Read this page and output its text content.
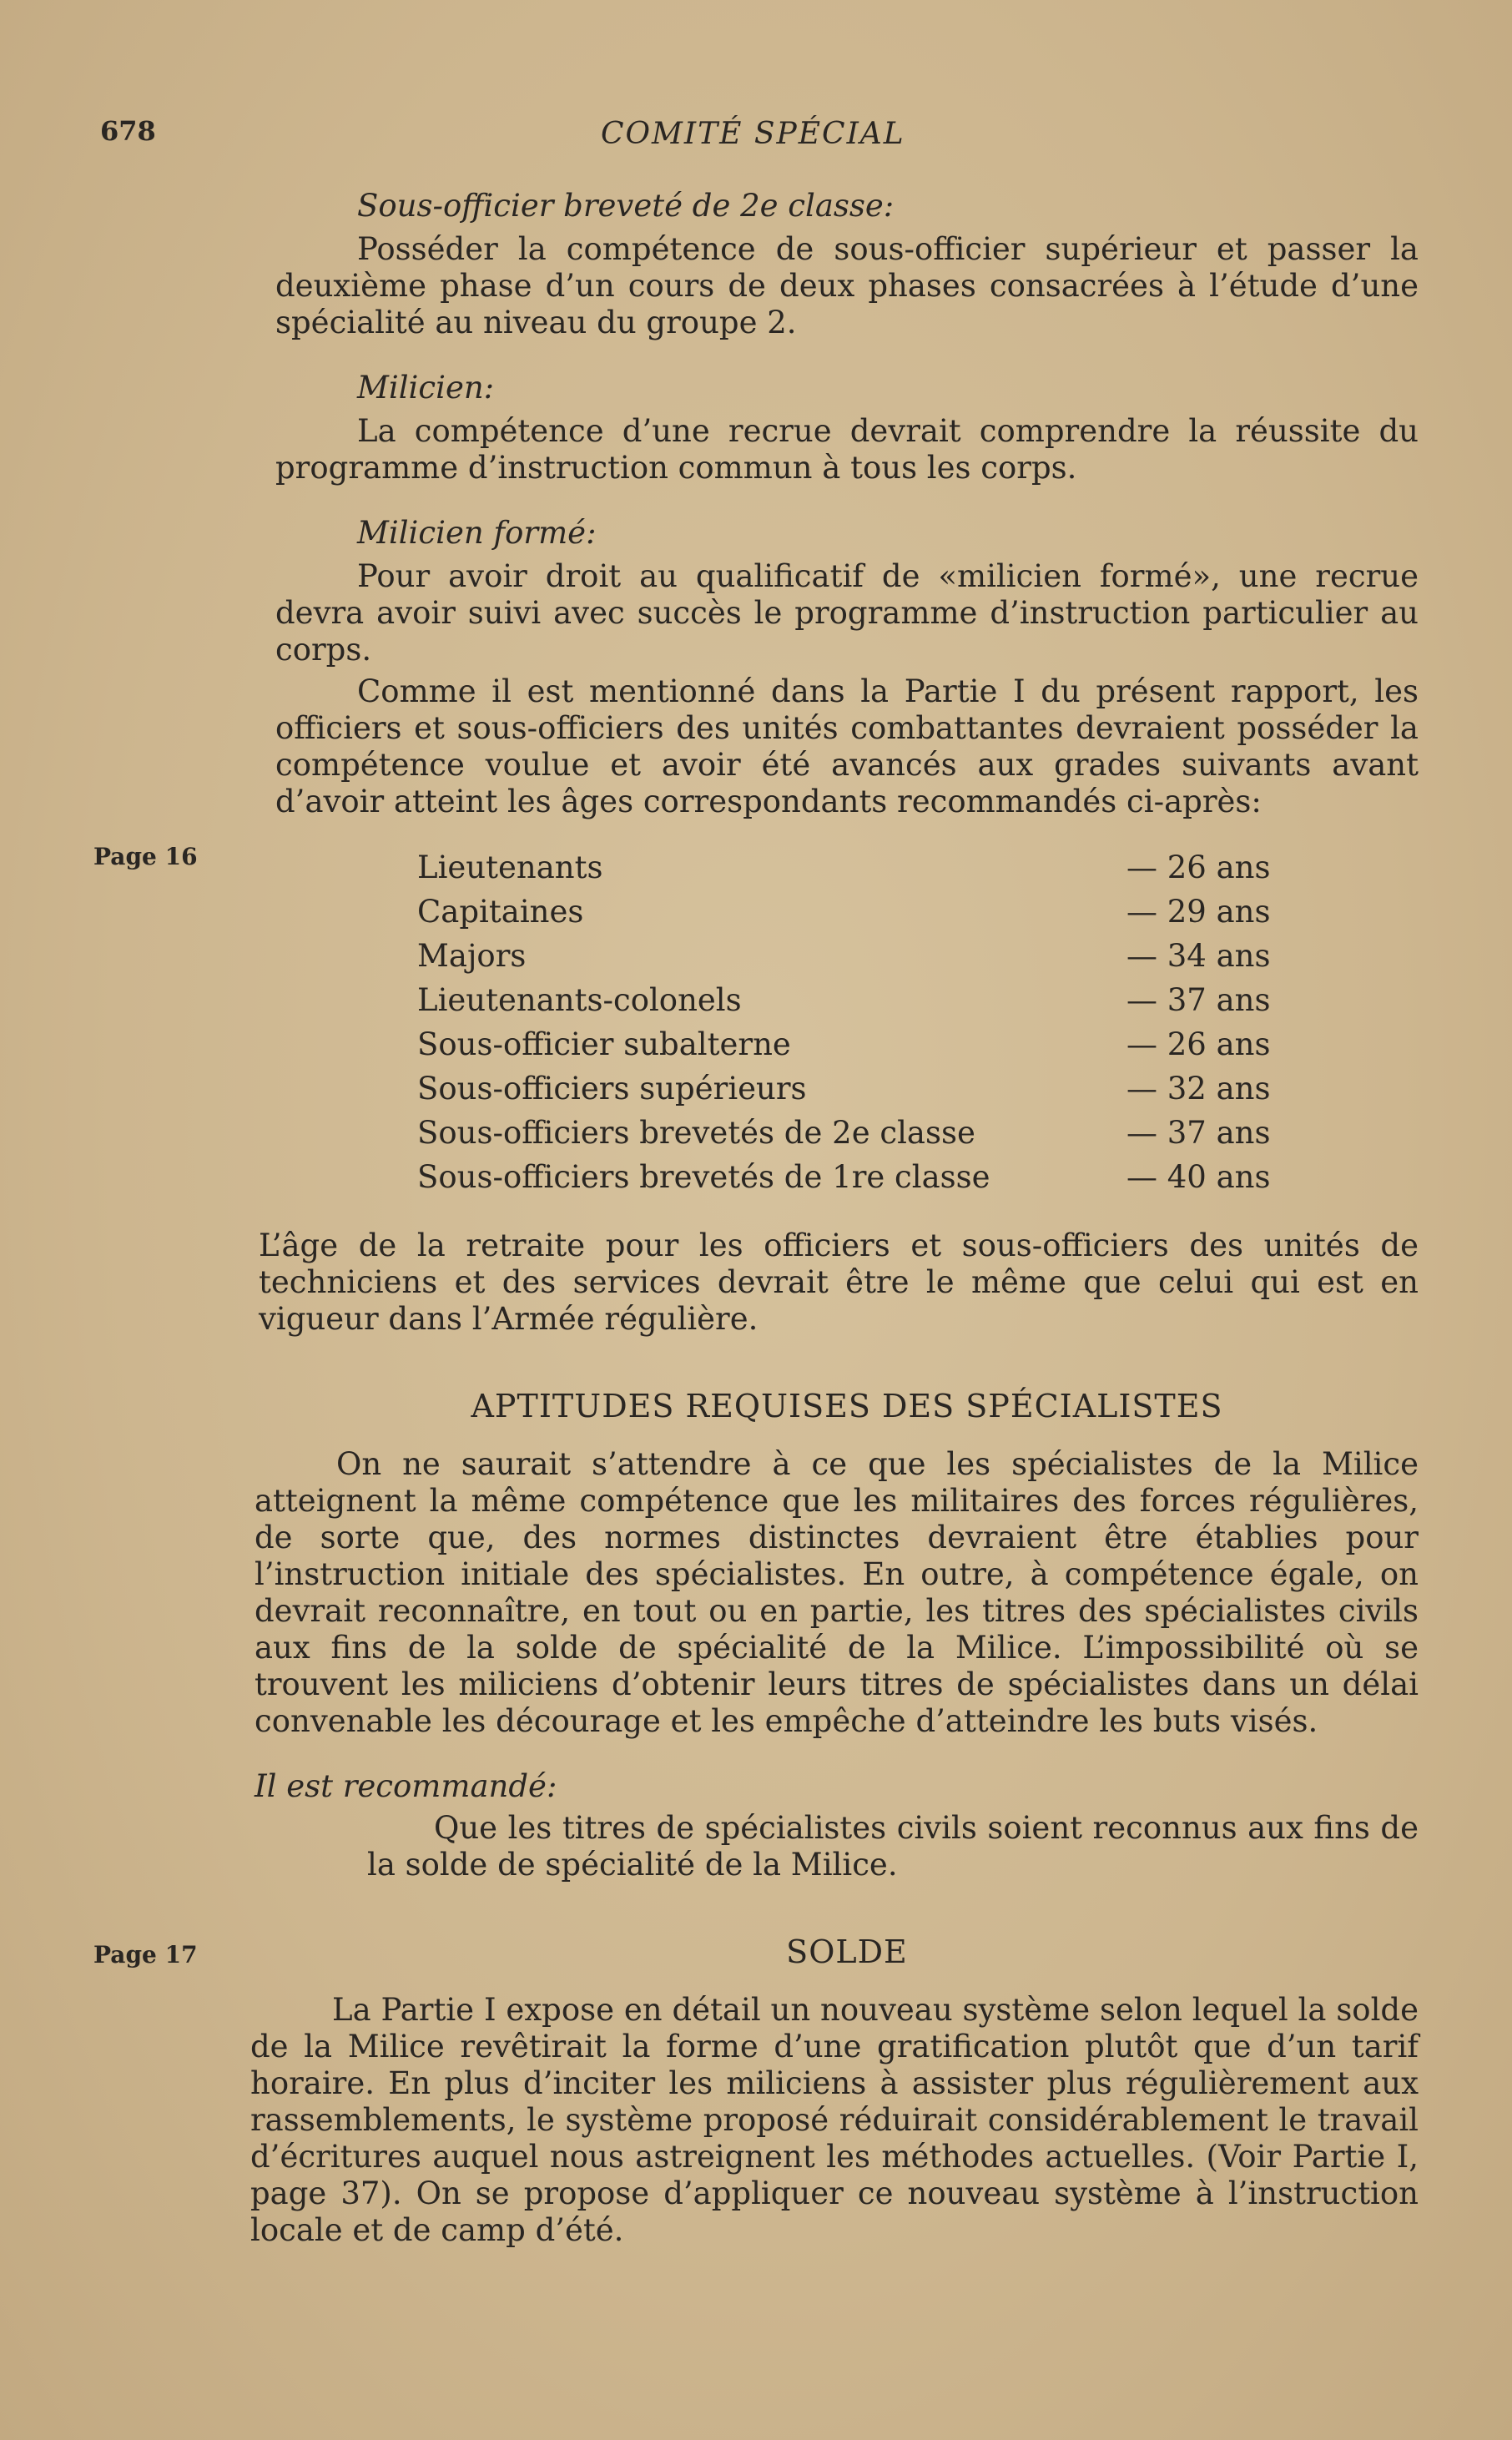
678	COMITÉ SPÉCIAL
Page 16
Page 17

Sous-officier breveté de 2e classe:

Posséder la compétence de sous-officier supérieur et passer la deuxième phase d’un cours de deux phases consacrées à l’étude d’une spécialité au niveau du groupe 2.

Milicien:

La compétence d’une recrue devrait comprendre la réussite du programme d’instruction commun à tous les corps.

Milicien formé:

Pour avoir droit au qualificatif de «milicien formé», une recrue devra avoir suivi avec succès le programme d’instruction particulier au corps.

Comme il est mentionné dans la Partie I du présent rapport, les officiers et sous-officiers des unités combattantes devraient posséder la compétence voulue et avoir été avancés aux grades suivants avant d’avoir atteint les âges correspondants recommandés ci-après:

Lieutenants	— 26 ans
Capitaines	— 29 ans
Majors	— 34 ans
Lieutenants-colonels	— 37 ans
Sous-officier subalterne	— 26 ans
Sous-officiers supérieurs	— 32 ans
Sous-officiers brevetés de 2e classe	— 37 ans
Sous-officiers brevetés de 1re classe	— 40 ans

L’âge de la retraite pour les officiers et sous-officiers des unités de techniciens et des services devrait être le même que celui qui est en vigueur dans l’Armée régulière.

APTITUDES REQUISES DES SPÉCIALISTES

On ne saurait s’attendre à ce que les spécialistes de la Milice atteignent la même compétence que les militaires des forces régulières, de sorte que, des normes distinctes devraient être établies pour l’instruction initiale des spécialistes. En outre, à compétence égale, on devrait reconnaître, en tout ou en partie, les titres des spécialistes civils aux fins de la solde de spécialité de la Milice. L’impossibilité où se trouvent les miliciens d’obtenir leurs titres de spécialistes dans un délai convenable les décourage et les empêche d’atteindre les buts visés.

Il est recommandé:

Que les titres de spécialistes civils soient reconnus aux fins de la solde de spécialité de la Milice.

SOLDE

La Partie I expose en détail un nouveau système selon lequel la solde de la Milice revêtirait la forme d’une gratification plutôt que d’un tarif horaire. En plus d’inciter les miliciens à assister plus régulièrement aux rassemblements, le système proposé réduirait considérablement le travail d’écritures auquel nous astreignent les méthodes actuelles. (Voir Partie I, page 37). On se propose d’appliquer ce nouveau système à l’instruction locale et de camp d’été.
